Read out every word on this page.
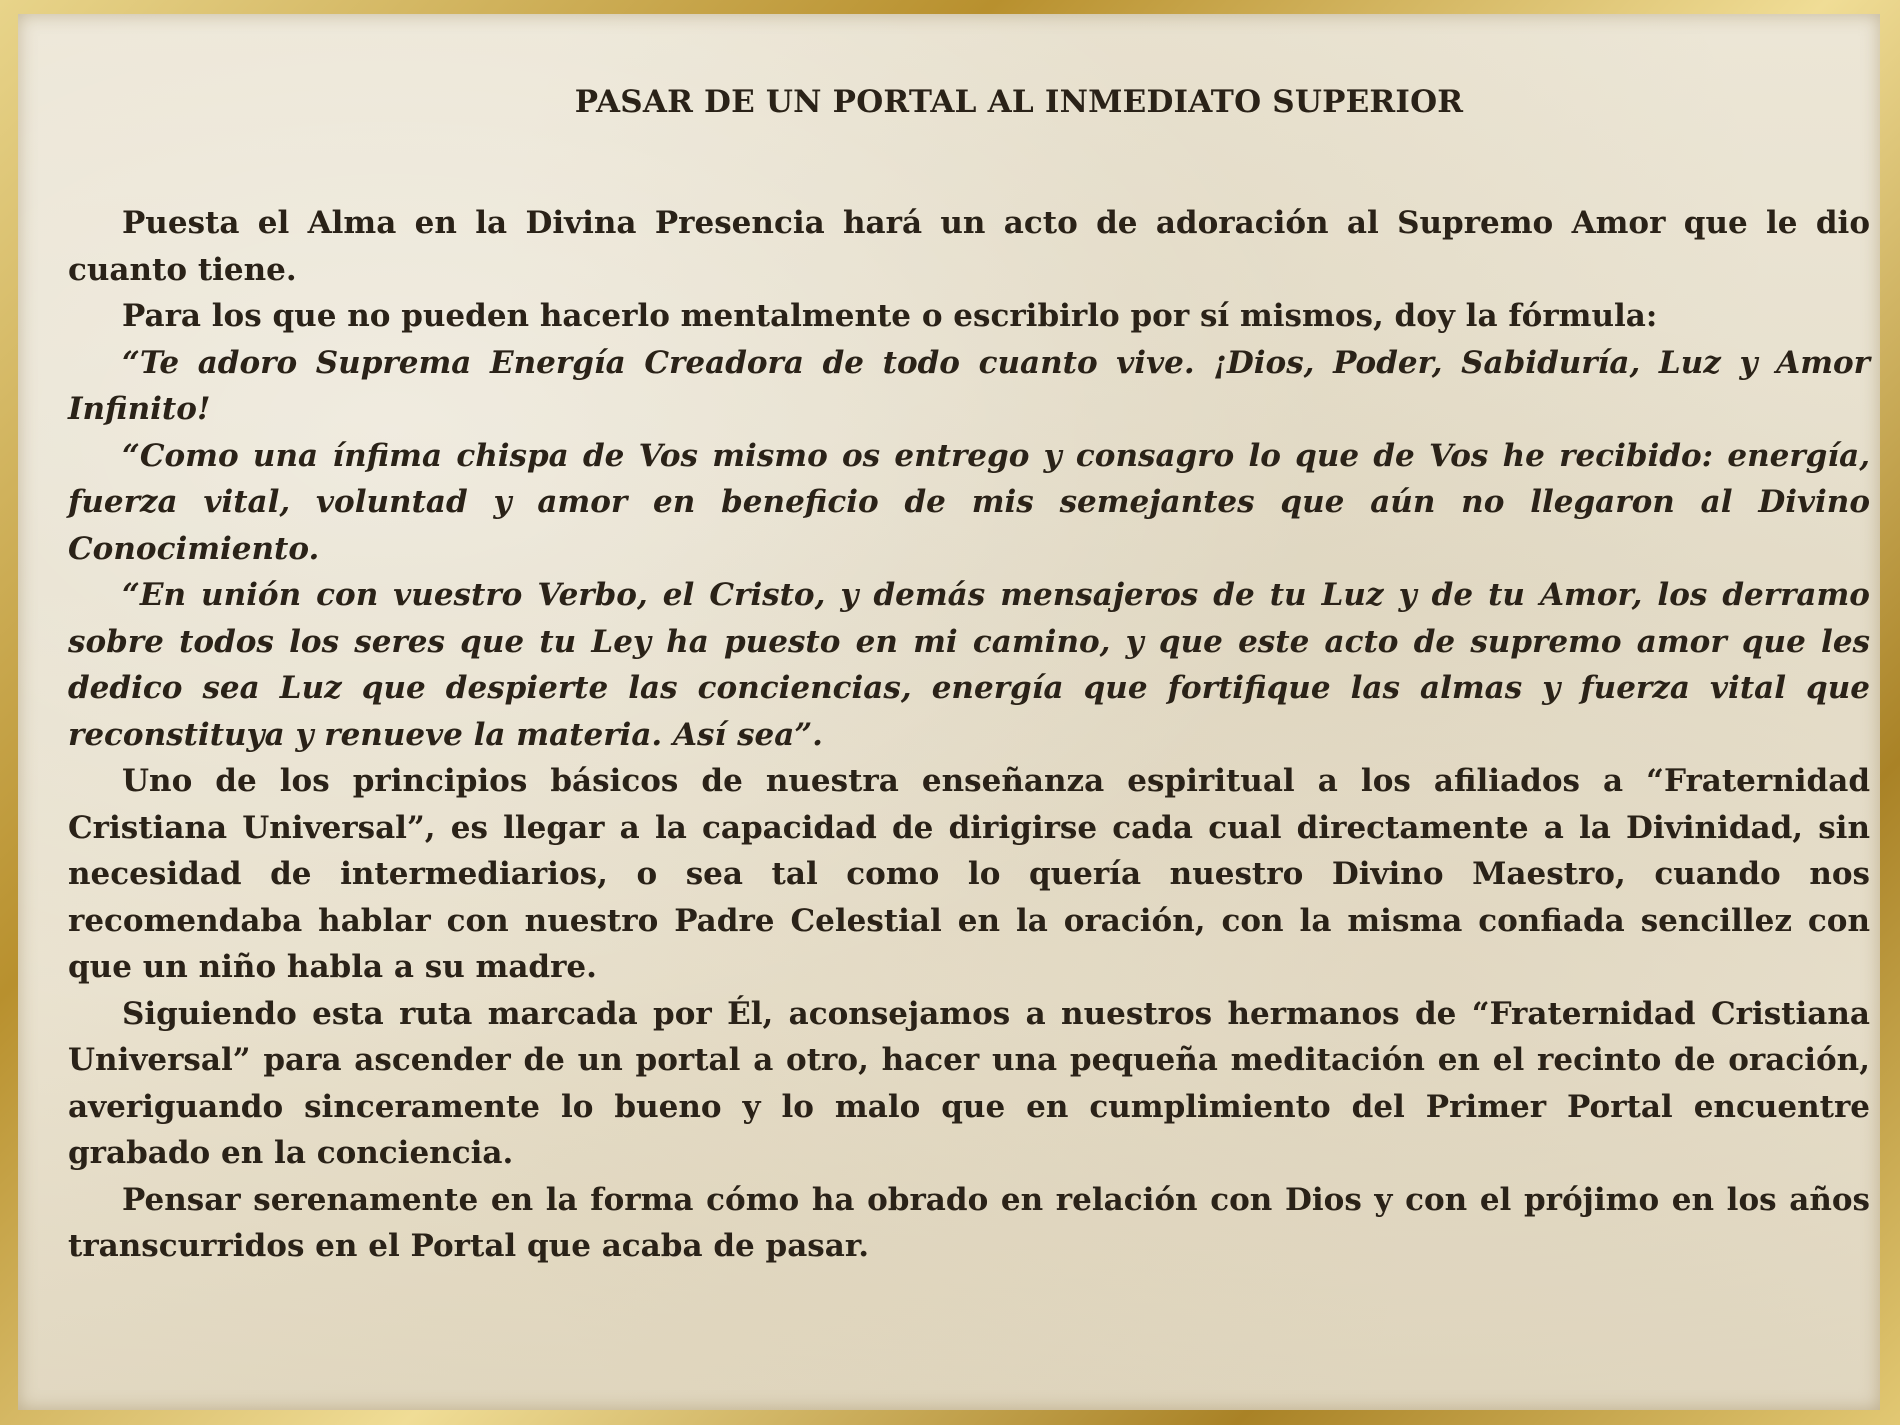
PASAR DE UN PORTAL AL INMEDIATO SUPERIOR

Puesta el Alma en la Divina Presencia hará un acto de adoración al Supremo Amor que le dio cuanto tiene.

Para los que no pueden hacerlo mentalmente o escribirlo por sí mismos, doy la fórmula:

“Te adoro Suprema Energía Creadora de todo cuanto vive. ¡Dios, Poder, Sabiduría, Luz y Amor Infinito!

“Como una ínfima chispa de Vos mismo os entrego y consagro lo que de Vos he recibido: energía, fuerza vital, voluntad y amor en beneficio de mis semejantes que aún no llegaron al Divino Conocimiento.

“En unión con vuestro Verbo, el Cristo, y demás mensajeros de tu Luz y de tu Amor, los derramo sobre todos los seres que tu Ley ha puesto en mi camino, y que este acto de supremo amor que les dedico sea Luz que despierte las conciencias, energía que fortifique las almas y fuerza vital que reconstituya y renueve la materia. Así sea”.

Uno de los principios básicos de nuestra enseñanza espiritual a los afiliados a “Fraternidad Cristiana Universal”, es llegar a la capacidad de dirigirse cada cual directamente a la Divinidad, sin necesidad de intermediarios, o sea tal como lo quería nuestro Divino Maestro, cuando nos recomendaba hablar con nuestro Padre Celestial en la oración, con la misma confiada sencillez con que un niño habla a su madre.

Siguiendo esta ruta marcada por Él, aconsejamos a nuestros hermanos de “Fraternidad Cristiana Universal” para ascender de un portal a otro, hacer una pequeña meditación en el recinto de oración, averiguando sinceramente lo bueno y lo malo que en cumplimiento del Primer Portal encuentre grabado en la conciencia.

Pensar serenamente en la forma cómo ha obrado en relación con Dios y con el prójimo en los años transcurridos en el Portal que acaba de pasar.
